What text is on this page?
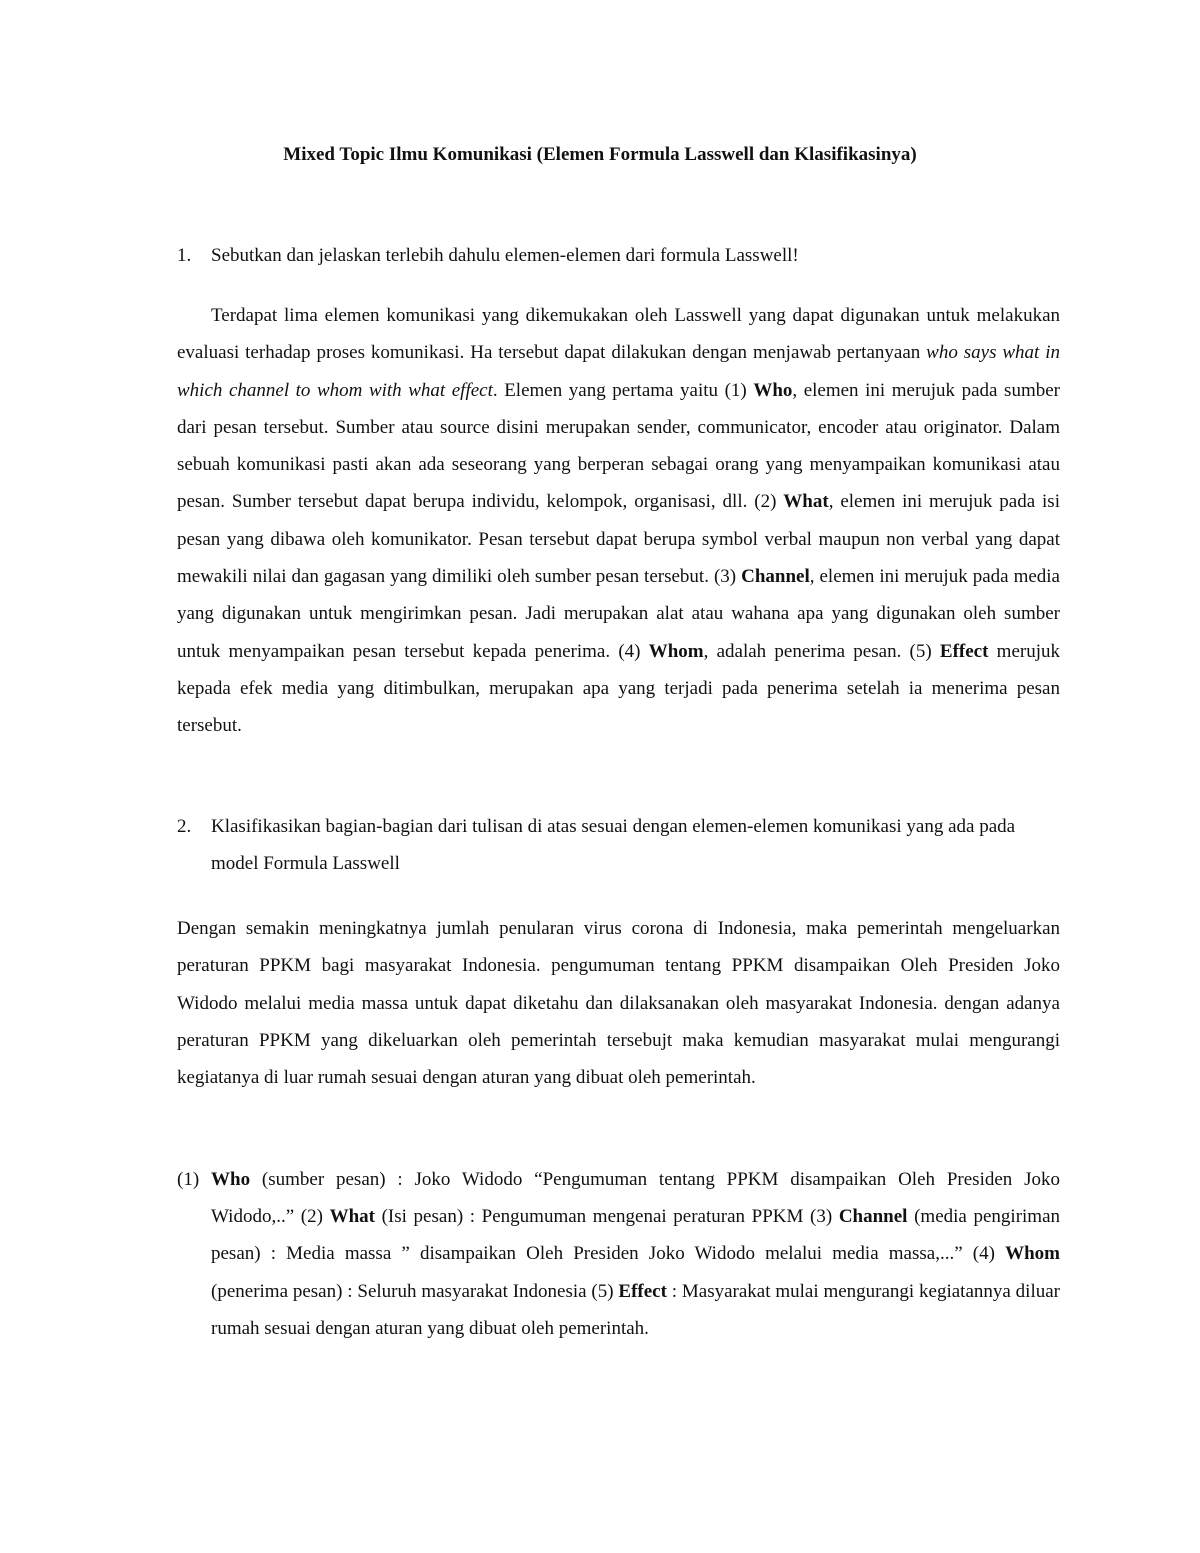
Mixed Topic Ilmu Komunikasi (Elemen Formula Lasswell dan Klasifikasinya)
1.	Sebutkan dan jelaskan terlebih dahulu elemen-elemen dari formula Lasswell!

Terdapat lima elemen komunikasi yang dikemukakan oleh Lasswell yang dapat digunakan untuk melakukan evaluasi terhadap proses komunikasi. Ha tersebut dapat dilakukan dengan menjawab pertanyaan who says what in which channel to whom with what effect. Elemen yang pertama yaitu (1) Who, elemen ini merujuk pada sumber dari pesan tersebut. Sumber atau source disini merupakan sender, communicator, encoder atau originator. Dalam sebuah komunikasi pasti akan ada seseorang yang berperan sebagai orang yang menyampaikan komunikasi atau pesan. Sumber tersebut dapat berupa individu, kelompok, organisasi, dll. (2) What, elemen ini merujuk pada isi pesan yang dibawa oleh komunikator. Pesan tersebut dapat berupa symbol verbal maupun non verbal yang dapat mewakili nilai dan gagasan yang dimiliki oleh sumber pesan tersebut. (3) Channel, elemen ini merujuk pada media yang digunakan untuk mengirimkan pesan. Jadi merupakan alat atau wahana apa yang digunakan oleh sumber untuk menyampaikan pesan tersebut kepada penerima. (4) Whom, adalah penerima pesan. (5) Effect merujuk kepada efek media yang ditimbulkan, merupakan apa yang terjadi pada penerima setelah ia menerima pesan tersebut.

2.	Klasifikasikan bagian-bagian dari tulisan di atas sesuai dengan elemen-elemen komunikasi yang ada pada model Formula Lasswell

Dengan semakin meningkatnya jumlah penularan virus corona di Indonesia, maka pemerintah mengeluarkan peraturan PPKM bagi masyarakat Indonesia. pengumuman tentang PPKM disampaikan Oleh Presiden Joko Widodo melalui media massa untuk dapat diketahu dan dilaksanakan oleh masyarakat Indonesia. dengan adanya peraturan PPKM yang dikeluarkan oleh pemerintah tersebujt maka kemudian masyarakat mulai mengurangi kegiatanya di luar rumah sesuai dengan aturan yang dibuat oleh pemerintah.

(1) Who (sumber pesan) : Joko Widodo “Pengumuman tentang PPKM disampaikan Oleh Presiden Joko Widodo,..” (2) What (Isi pesan) : Pengumuman mengenai peraturan PPKM (3) Channel (media pengiriman pesan) : Media massa ” disampaikan Oleh Presiden Joko Widodo melalui media massa,...” (4) Whom (penerima pesan) : Seluruh masyarakat Indonesia (5) Effect : Masyarakat mulai mengurangi kegiatannya diluar rumah sesuai dengan aturan yang dibuat oleh pemerintah.
